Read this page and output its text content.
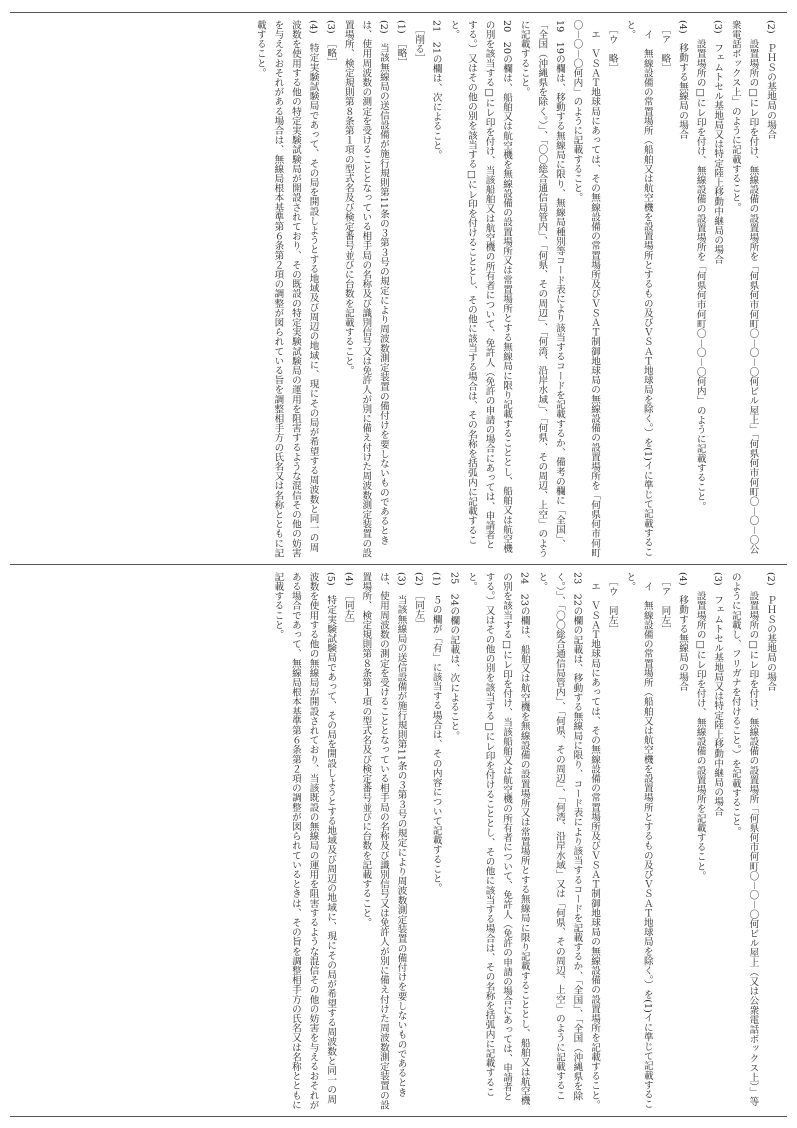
(2)　ＰＨＳの基地局の場合

　　設置場所の□にレ印を付け、無線設備の設置場所を「何県何市何町〇－〇－〇何ビル屋上」「何県何市何町〇－〇－〇公衆電話ボックス上」のように記載すること。

(3)　フェムトセル基地局又は特定陸上移動中継局の場合

　　設置場所の□にレ印を付け、無線設備の設置場所を「何県何市何町〇－〇－〇何内」のように記載すること。

(4)　移動する無線局の場合

　［ア　略］

　イ　無線設備の常置場所（船舶又は航空機を設置場所とするもの及びＶＳＡＴ地球局を除く。）を(1)イに準じて記載すること。

　［ウ　略］

　エ　ＶＳＡＴ地球局にあっては、その無線設備の常置場所及びＶＳＡＴ制御地球局の無線設備の設置場所を「何県何市何町〇－〇－〇何内」のように記載すること。

19　19の欄は、移動する無線局に限り、無線局種別等コード表により該当するコードを記載するか、備考の欄に「全国」、「全国（沖縄県を除く。）」、「〇〇総合通信局管内」、「何県、その周辺」、「何湾、沿岸水域」、「何県、その周辺、上空」のように記載すること。

20　20の欄は、船舶又は航空機を無線設備の設置場所又は常置場所とする無線局に限り記載することとし、船舶又は航空機の別を該当する□にレ印を付け、当該船舶又は航空機の所有者について、免許人（免許の申請の場合にあっては、申請者とする。）又はその他の別を該当する□にレ印を付けることとし、その他に該当する場合は、その名称を括弧内に記載すること。

21　21の欄は、次によること。

　［削る］

(1)　［略］

(2)　当該無線局の送信設備が施行規則第11条の３第３号の規定により周波数測定装置の備付けを要しないものであるときは、使用周波数の測定を受けることとなっている相手局の名称及び識別信号又は免許人が別に備え付けた周波数測定装置の設置場所、検定規則第８条第１項の型式名及び検定番号並びに台数を記載すること。

(3)　［略］

(4)　特定実験試験局であって、その局を開設しようとする地域及び周辺の地域に、現にその局が希望する周波数と同一の周波数を使用する他の特定実験試験局が開設されており、その既設の特定実験試験局の運用を阻害するような混信その他の妨害を与えるおそれがある場合は、無線局根本基準第６条第２項の調整が図られている旨を調整相手方の氏名又は名称とともに記載すること。

(2)　ＰＨＳの基地局の場合

　　設置場所の□にレ印を付け、無線設備の設置場所「何県何市何町〇－〇－〇何ビル屋上（又は公衆電話ボックス上）」等のように記載し、フリガナを付けること。）を記載すること。

(3)　フェムトセル基地局又は特定陸上移動中継局の場合

　　設置場所の□にレ印を付け、無線設備の設置場所を記載すること。

(4)　移動する無線局の場合

　［ア　同左］

　イ　無線設備の常置場所（船舶又は航空機を設置場所とするもの及びＶＳＡＴ地球局を除く。）を(1)イに準じて記載すること。

　［ウ　同左］

　エ　ＶＳＡＴ地球局にあっては、その無線設備の常置場所及びＶＳＡＴ制御地球局の無線設備の設置場所を記載すること。

23　22の欄の記載は、移動する無線局に限り、コード表により該当するコードを記載するか、「全国」、「全国（沖縄県を除く。）」、「〇〇総合通信局管内」、「何県、その周辺」、「何湾、沿岸水域」又は「何県、その周辺、上空」のように記載すること。

24　23の欄は、船舶又は航空機を無線設備の設置場所又は常置場所とする無線局に限り記載することとし、船舶又は航空機の別を該当する□にレ印を付け、当該船舶又は航空機の所有者について、免許人（免許の申請の場合にあっては、申請者とする。）又はその他の別を該当する□にレ印を付けることとし、その他に該当する場合は、その名称を括弧内に記載すること。

25　24の欄の記載は、次によること。

(1)　５の欄が「有」に該当する場合は、その内容について記載すること。

(2)　［同左］

(3)　当該無線局の送信設備が施行規則第11条の３第３号の規定により周波数測定装置の備付けを要しないものであるときは、使用周波数の測定を受けることとなっている相手局の名称及び識別信号又は免許人が別に備え付けた周波数測定装置の設置場所、検定規則第８条第１項の型式名及び検定番号並びに台数を記載すること。

(4)　［同左］

(5)　特定実験試験局であって、その局を開設しようとする地域及び周辺の地域に、現にその局が希望する周波数と同一の周波数を使用する他の無線局が開設されており、当該既設の無線局の運用を阻害するような混信その他の妨害を与えるおそれがある場合であって、無線局根本基準第６条第２項の調整が図られているときは、その旨を調整相手方の氏名又は名称とともに記載すること。
